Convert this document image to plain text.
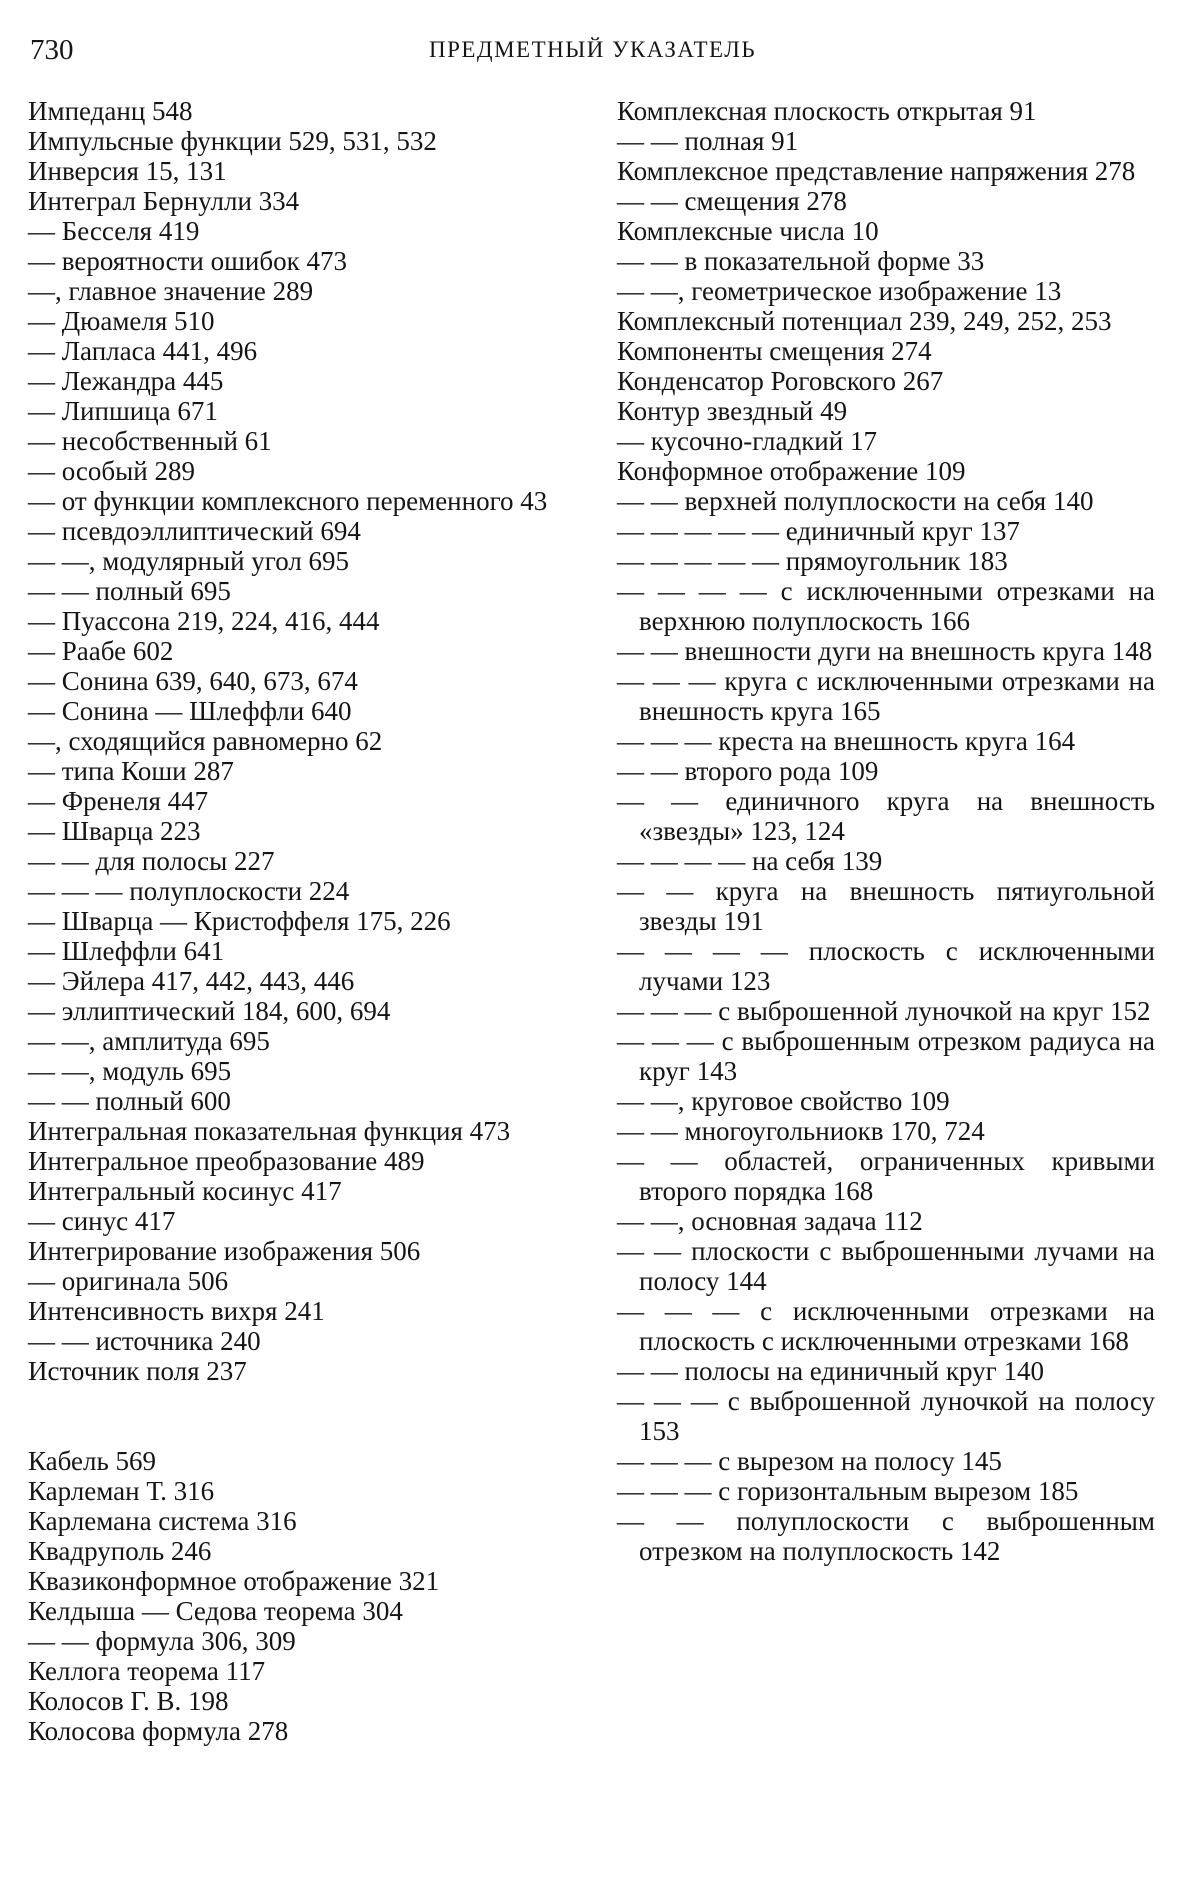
730	ПРЕДМЕТНЫЙ УКАЗАТЕЛЬ

Импеданц 548

Импульсные функции 529, 531, 532

Инверсия 15, 131

Интеграл Бернулли 334

— Бесселя 419

— вероятности ошибок 473

—, главное значение 289

— Дюамеля 510

— Лапласа 441, 496

— Лежандра 445

— Липшица 671

— несобственный 61

— особый 289

— от функции комплексного переменного 43

— псевдоэллиптический 694

— —, модулярный угол 695

— — полный 695

— Пуассона 219, 224, 416, 444

— Раабе 602

— Сонина 639, 640, 673, 674

— Сонина — Шлеффли 640

—, сходящийся равномерно 62

— типа Коши 287

— Френеля 447

— Шварца 223

— — для полосы 227

— — — полуплоскости 224

— Шварца — Кристоффеля 175, 226

— Шлеффли 641

— Эйлера 417, 442, 443, 446

— эллиптический 184, 600, 694

— —, амплитуда 695

— —, модуль 695

— — полный 600

Интегральная показательная функция 473

Интегральное преобразование 489

Интегральный косинус 417

— синус 417

Интегрирование изображения 506

— оригинала 506

Интенсивность вихря 241

— — источника 240

Источник поля 237

Кабель 569

Карлеман Т. 316

Карлемана система 316

Квадруполь 246

Квазиконформное отображение 321

Келдыша — Седова теорема 304

— — формула 306, 309

Келлога теорема 117

Колосов Г. В. 198

Колосова формула 278

Комплексная плоскость открытая 91

— — полная 91

Комплексное представление напряжения 278

— — смещения 278

Комплексные числа 10

— — в показательной форме 33

— —, геометрическое изображение 13

Комплексный потенциал 239, 249, 252, 253

Компоненты смещения 274

Конденсатор Роговского 267

Контур звездный 49

— кусочно-гладкий 17

Конформное отображение 109

— — верхней полуплоскости на себя 140

— — — — — единичный круг 137

— — — — — прямоугольник 183

— — — — с исключенными отрезками на верхнюю полуплоскость 166

— — внешности дуги на внешность круга 148

— — — круга с исключенными отрезками на внешность круга 165

— — — креста на внешность круга 164

— — второго рода 109

— — единичного круга на внешность «звезды» 123, 124

— — — — на себя 139

— — круга на внешность пятиугольной звезды 191

— — — — плоскость с исключенными лучами 123

— — — с выброшенной луночкой на круг 152

— — — с выброшенным отрезком радиуса на круг 143

— —, круговое свойство 109

— — многоугольниокв 170, 724

— — областей, ограниченных кривыми второго порядка 168

— —, основная задача 112

— — плоскости с выброшенными лучами на полосу 144

— — — с исключенными отрезками на плоскость с исключенными отрезками 168

— — полосы на единичный круг 140

— — — с выброшенной луночкой на полосу 153

— — — с вырезом на полосу 145

— — — с горизонтальным вырезом 185

— — полуплоскости с выброшенным отрезком на полуплоскость 142
